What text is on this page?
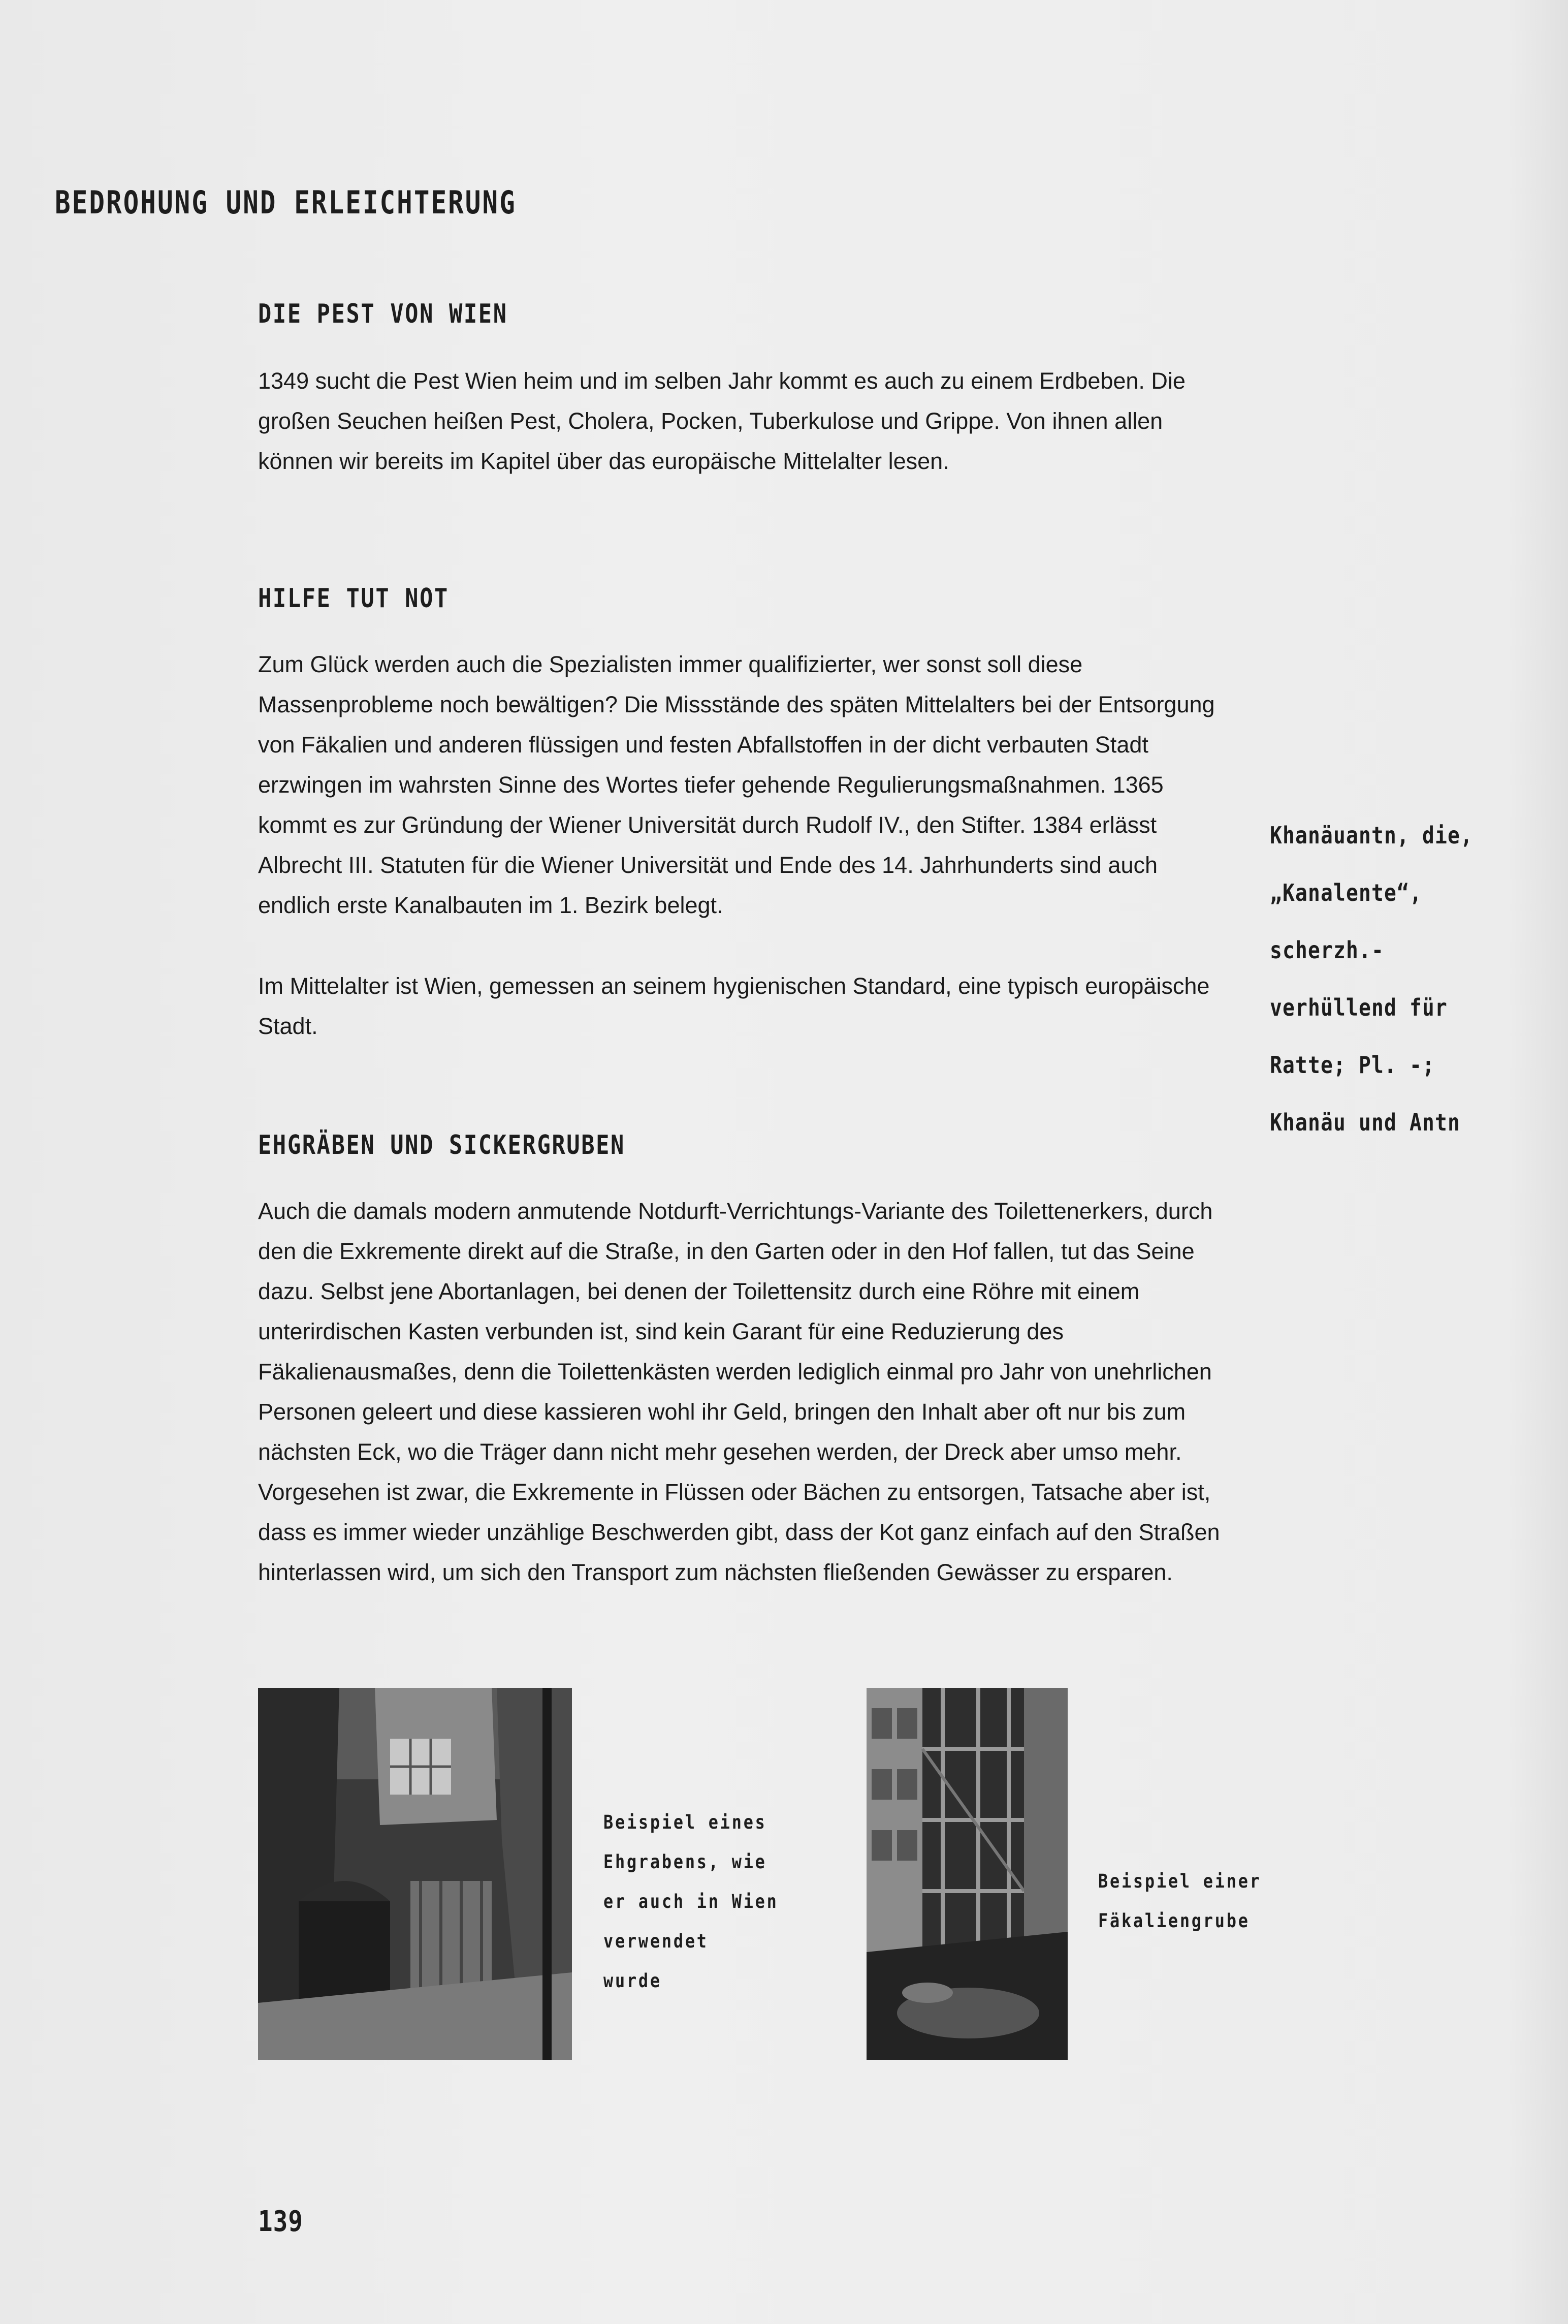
BEDROHUNG UND ERLEICHTERUNG
DIE PEST VON WIEN

1349 sucht die Pest Wien heim und im selben Jahr kommt es auch zu einem Erdbeben. Die großen Seuchen heißen Pest, Cholera, Pocken, Tuberkulose und Grippe. Von ihnen allen können wir bereits im Kapitel über das europäische Mittelalter lesen.

HILFE TUT NOT

Zum Glück werden auch die Spezialisten immer qualifizierter, wer sonst soll diese Massenprobleme noch bewältigen? Die Missstände des späten Mittelalters bei der Entsorgung von Fäkalien und anderen flüssigen und festen Abfallstoffen in der dicht verbauten Stadt erzwingen im wahrsten Sinne des Wortes tiefer gehende Regulierungsmaßnahmen. 1365 kommt es zur Gründung der Wiener Universität durch Rudolf IV., den Stifter. 1384 erlässt Albrecht III. Statuten für die Wiener Universität und Ende des 14. Jahrhunderts sind auch endlich erste Kanalbauten im 1. Bezirk belegt.

Im Mittelalter ist Wien, gemessen an seinem hygienischen Standard, eine typisch europäische Stadt.

EHGRÄBEN UND SICKERGRUBEN

Auch die damals modern anmutende Notdurft-Verrichtungs-Variante des Toilettenerkers, durch den die Exkremente direkt auf die Straße, in den Garten oder in den Hof fallen, tut das Seine dazu. Selbst jene Abortanlagen, bei denen der Toilettensitz durch eine Röhre mit einem unterirdischen Kasten verbunden ist, sind kein Garant für eine Reduzierung des Fäkalienausmaßes, denn die Toilettenkästen werden lediglich einmal pro Jahr von unehrlichen Personen geleert und diese kassieren wohl ihr Geld, bringen den Inhalt aber oft nur bis zum nächsten Eck, wo die Träger dann nicht mehr gesehen werden, der Dreck aber umso mehr. Vorgesehen ist zwar, die Exkremente in Flüssen oder Bächen zu entsorgen, Tatsache aber ist, dass es immer wieder unzählige Beschwerden gibt, dass der Kot ganz einfach auf den Straßen hinterlassen wird, um sich den Transport zum nächsten fließenden Gewässer zu ersparen.

Khanäuantn, die,
„Kanalente“,
scherzh.-
verhüllend für
Ratte; Pl. -;
Khanäu und Antn
Beispiel eines
Ehgrabens, wie
er auch in Wien
verwendet
wurde
Beispiel einer
Fäkaliengrube
139
